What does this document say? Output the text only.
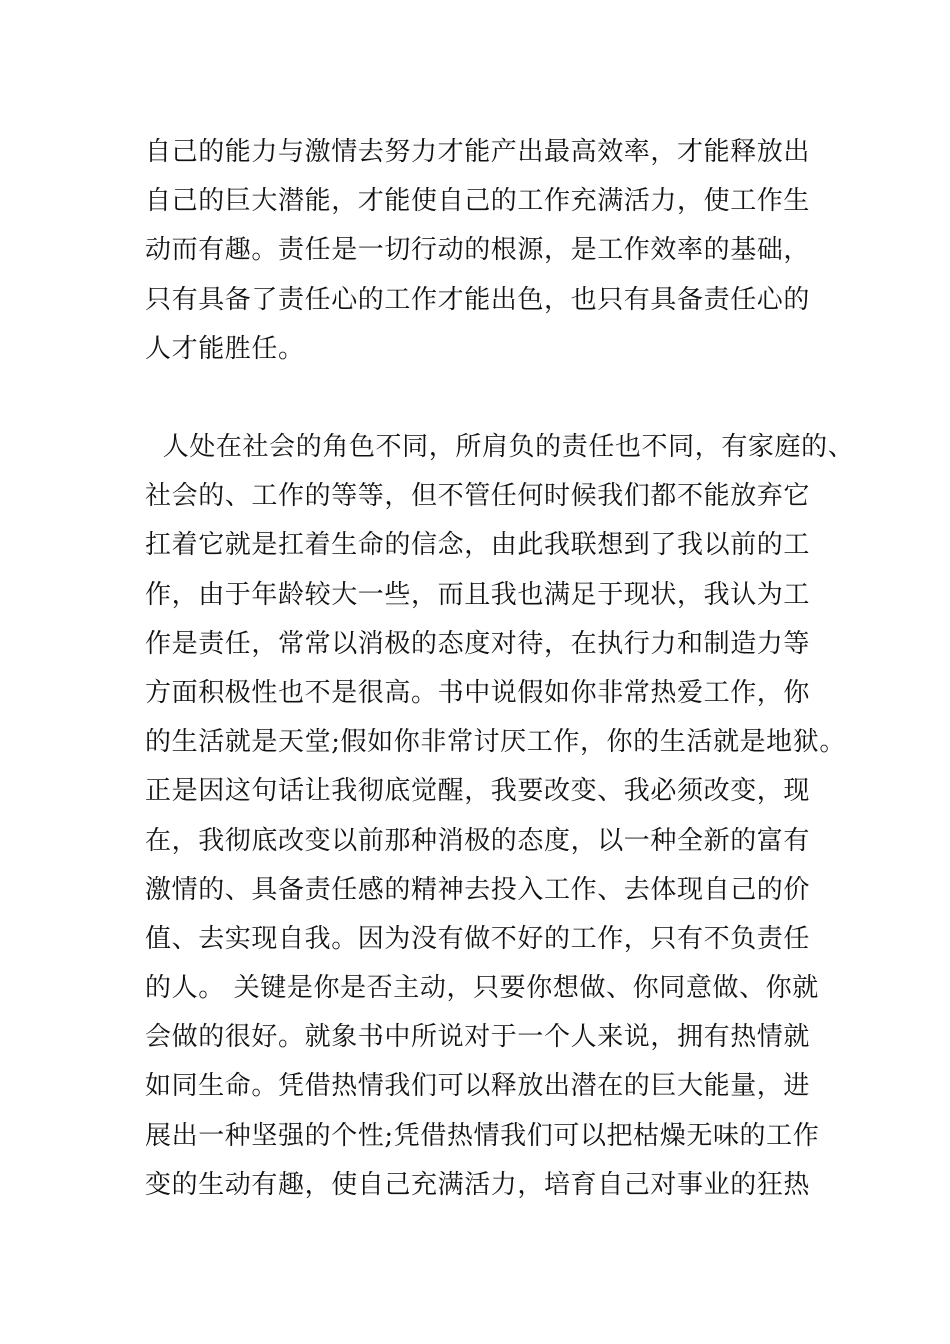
自己的能力与激情去努力才能产出最高效率，才能释放出
自己的巨大潜能，才能使自己的工作充满活力，使工作生
动而有趣。责任是一切行动的根源，是工作效率的基础，
只有具备了责任心的工作才能出色，也只有具备责任心的
人才能胜任。
人处在社会的角色不同，所肩负的责任也不同，有家庭的、
社会的、工作的等等，但不管任何时候我们都不能放弃它
扛着它就是扛着生命的信念，由此我联想到了我以前的工
作，由于年龄较大一些，而且我也满足于现状，我认为工
作是责任，常常以消极的态度对待，在执行力和制造力等
方面积极性也不是很高。书中说假如你非常热爱工作，你
的生活就是天堂;假如你非常讨厌工作，你的生活就是地狱。
正是因这句话让我彻底觉醒，我要改变、我必须改变，现
在，我彻底改变以前那种消极的态度，以一种全新的富有
激情的、具备责任感的精神去投入工作、去体现自己的价
值、去实现自我。因为没有做不好的工作，只有不负责任
的人。 关键是你是否主动，只要你想做、你同意做、你就
会做的很好。就象书中所说对于一个人来说，拥有热情就
如同生命。凭借热情我们可以释放出潜在的巨大能量，进
展出一种坚强的个性;凭借热情我们可以把枯燥无味的工作
变的生动有趣，使自己充满活力，培育自己对事业的狂热
